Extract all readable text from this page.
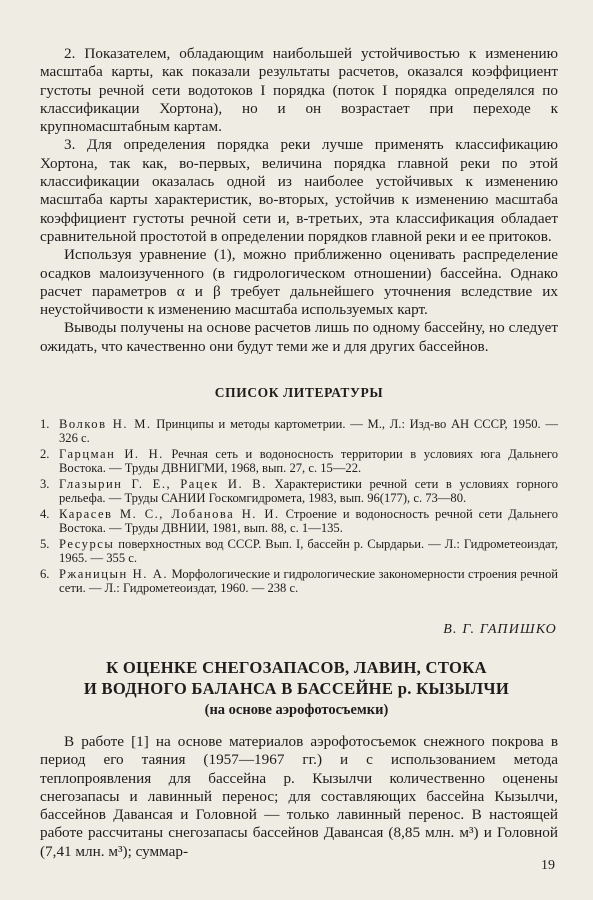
2. Показателем, обладающим наибольшей устойчивостью к изменению масштаба карты, как показали результаты расчетов, оказался коэффициент густоты речной сети водотоков I порядка (поток I порядка определялся по классификации Хортона), но и он возрастает при переходе к крупномасштабным картам.

3. Для определения порядка реки лучше применять классификацию Хортона, так как, во-первых, величина порядка главной реки по этой классификации оказалась одной из наиболее устойчивых к изменению масштаба карты характеристик, во-вторых, устойчив к изменению масштаба коэффициент густоты речной сети и, в-третьих, эта классификация обладает сравнительной простотой в определении порядков главной реки и ее притоков.

Используя уравнение (1), можно приближенно оценивать распределение осадков малоизученного (в гидрологическом отношении) бассейна. Однако расчет параметров α и β требует дальнейшего уточнения вследствие их неустойчивости к изменению масштаба используемых карт.

Выводы получены на основе расчетов лишь по одному бассейну, но следует ожидать, что качественно они будут теми же и для других бассейнов.

СПИСОК ЛИТЕРАТУРЫ
1. Волков Н. М. Принципы и методы картометрии. — М., Л.: Изд-во АН СССР, 1950. — 326 с.
2. Гарцман И. Н. Речная сеть и водоносность территории в условиях юга Дальнего Востока. — Труды ДВНИГМИ, 1968, вып. 27, с. 15—22.
3. Глазырин Г. Е., Рацек И. В. Характеристики речной сети в условиях горного рельефа. — Труды САНИИ Госкомгидромета, 1983, вып. 96(177), с. 73—80.
4. Карасев М. С., Лобанова Н. И. Строение и водоносность речной сети Дальнего Востока. — Труды ДВНИИ, 1981, вып. 88, с. 1—135.
5. Ресурсы поверхностных вод СССР. Вып. I, бассейн р. Сырдарьи. — Л.: Гидрометеоиздат, 1965. — 355 с.
6. Ржаницын Н. А. Морфологические и гидрологические закономерности строения речной сети. — Л.: Гидрометеоиздат, 1960. — 238 с.

В. Г. ГАПИШКО

К ОЦЕНКЕ СНЕГОЗАПАСОВ, ЛАВИН, СТОКА

И ВОДНОГО БАЛАНСА В БАССЕЙНЕ р. КЫЗЫЛЧИ

(на основе аэрофотосъемки)

В работе [1] на основе материалов аэрофотосъемок снежного покрова в период его таяния (1957—1967 гг.) и с использованием метода теплопроявления для бассейна р. Кызылчи количественно оценены снегозапасы и лавинный перенос; для составляющих бассейна Кызылчи, бассейнов Давансая и Головной — только лавинный перенос. В настоящей работе рассчитаны снегозапасы бассейнов Давансая (8,85 млн. м³) и Головной (7,41 млн. м³); суммар-

19
